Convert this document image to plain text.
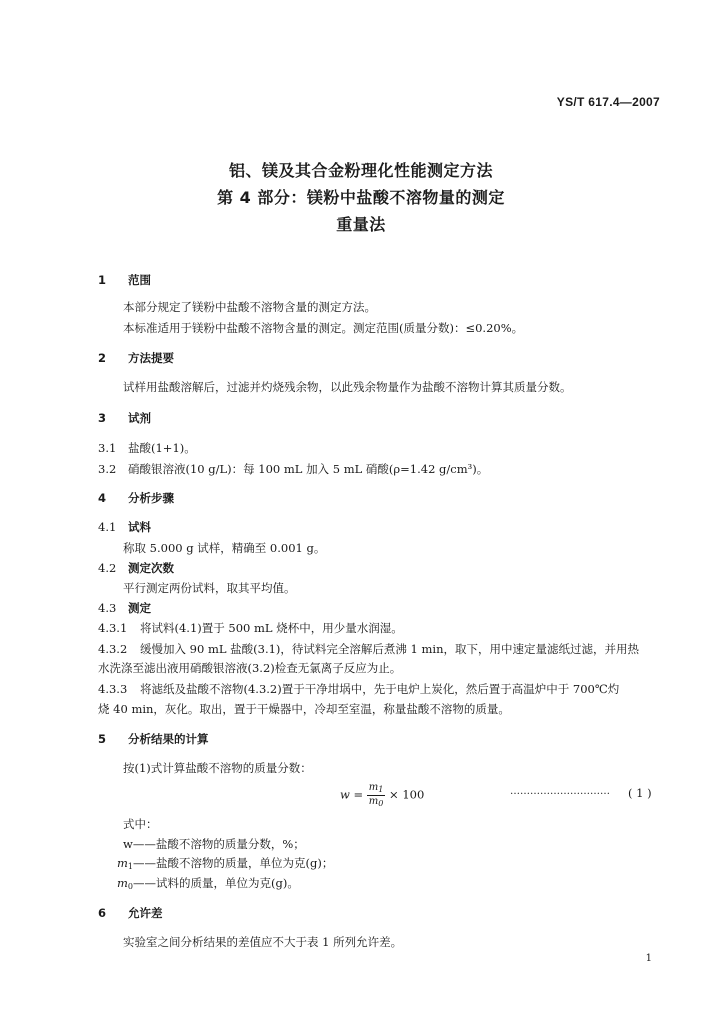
YS/T 617.4—2007
铝、镁及其合金粉理化性能测定方法
第 4 部分：镁粉中盐酸不溶物量的测定
重量法
1 范围
本部分规定了镁粉中盐酸不溶物含量的测定方法。
本标准适用于镁粉中盐酸不溶物含量的测定。测定范围(质量分数)：≤0.20%。
2 方法提要
试样用盐酸溶解后，过滤并灼烧残余物，以此残余物量作为盐酸不溶物计算其质量分数。
3 试剂
3.1 盐酸(1+1)。
3.2 硝酸银溶液(10 g/L)：每 100 mL 加入 5 mL 硝酸(ρ=1.42 g/cm³)。
4 分析步骤
4.1 试料
称取 5.000 g 试样，精确至 0.001 g。
4.2 测定次数
平行测定两份试料，取其平均值。
4.3 测定
4.3.1 将试料(4.1)置于 500 mL 烧杯中，用少量水润湿。
4.3.2 缓慢加入 90 mL 盐酸(3.1)，待试料完全溶解后煮沸 1 min，取下，用中速定量滤纸过滤，并用热
水洗涤至滤出液用硝酸银溶液(3.2)检查无氯离子反应为止。
4.3.3 将滤纸及盐酸不溶物(4.3.2)置于干净坩埚中，先于电炉上炭化，然后置于高温炉中于 700℃灼
烧 40 min，灰化。取出，置于干燥器中，冷却至室温，称量盐酸不溶物的质量。
5 分析结果的计算
按(1)式计算盐酸不溶物的质量分数：
$w = \frac{m_1}{m_0} \times 100$	………………………… ( 1 )
式中：
w——盐酸不溶物的质量分数，%；
$m_1——$盐酸不溶物的质量，单位为克(g)；
$m_0——$试料的质量，单位为克(g)。
6 允许差
实验室之间分析结果的差值应不大于表 1 所列允许差。
1
